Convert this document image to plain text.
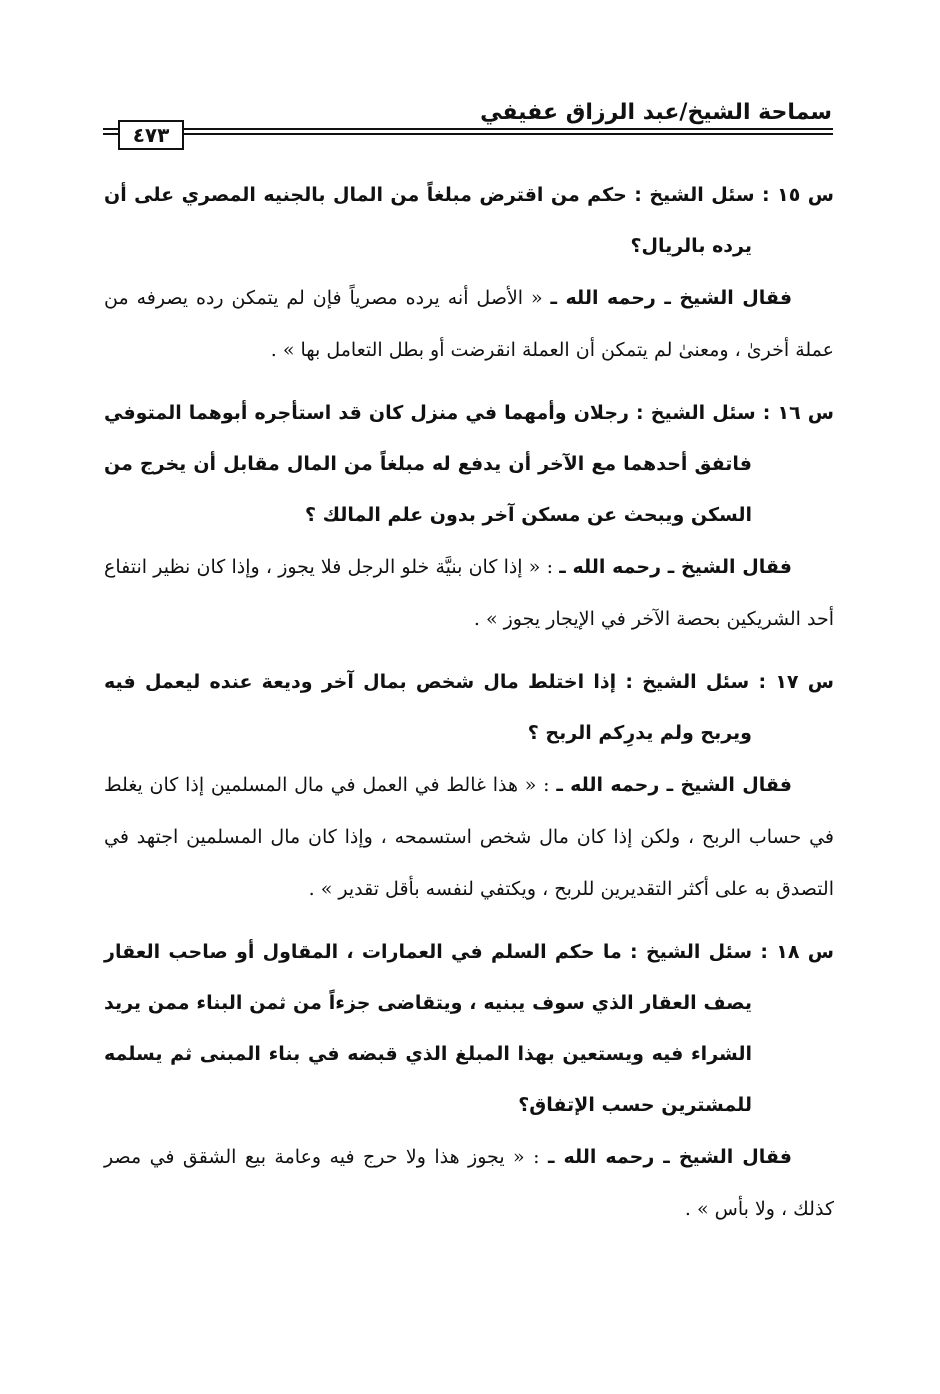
سماحة الشيخ/عبد الرزاق عفيفي
٤٧٣

س ١٥ : سئل الشيخ : حكم من اقترض مبلغاً من المال بالجنيه المصري على أن يرده بالريال؟

فقال الشيخ ـ رحمه الله ـ « الأصل أنه يرده مصرياً فإن لم يتمكن رده يصرفه من عملة أخرىٰ ، ومعنىٰ لم يتمكن أن العملة انقرضت أو بطل التعامل بها » .

س ١٦ : سئل الشيخ : رجلان وأمهما في منزل كان قد استأجره أبوهما المتوفي فاتفق أحدهما مع الآخر أن يدفع له مبلغاً من المال مقابل أن يخرج من السكن ويبحث عن مسكن آخر بدون علم المالك ؟

فقال الشيخ ـ رحمه الله ـ : « إذا كان بنيَّة خلو الرجل فلا يجوز ، وإذا كان نظير انتفاع أحد الشريكين بحصة الآخر في الإيجار يجوز » .

س ١٧ : سئل الشيخ : إذا اختلط مال شخص بمال آخر وديعة عنده ليعمل فيه ويربح ولم يدرِكم الربح ؟

فقال الشيخ ـ رحمه الله ـ : « هذا غالط في العمل في مال المسلمين إذا كان يغلط في حساب الربح ، ولكن إذا كان مال شخص استسمحه ، وإذا كان مال المسلمين اجتهد في التصدق به على أكثر التقديرين للربح ، ويكتفي لنفسه بأقل تقدير » .

س ١٨ : سئل الشيخ : ما حكم السلم في العمارات ، المقاول أو صاحب العقار يصف العقار الذي سوف يبنيه ، ويتقاضى جزءاً من ثمن البناء ممن يريد الشراء فيه ويستعين بهذا المبلغ الذي قبضه في بناء المبنى ثم يسلمه للمشترين حسب الإتفاق؟

فقال الشيخ ـ رحمه الله ـ : « يجوز هذا ولا حرج فيه وعامة بيع الشقق في مصر كذلك ، ولا بأس » .
